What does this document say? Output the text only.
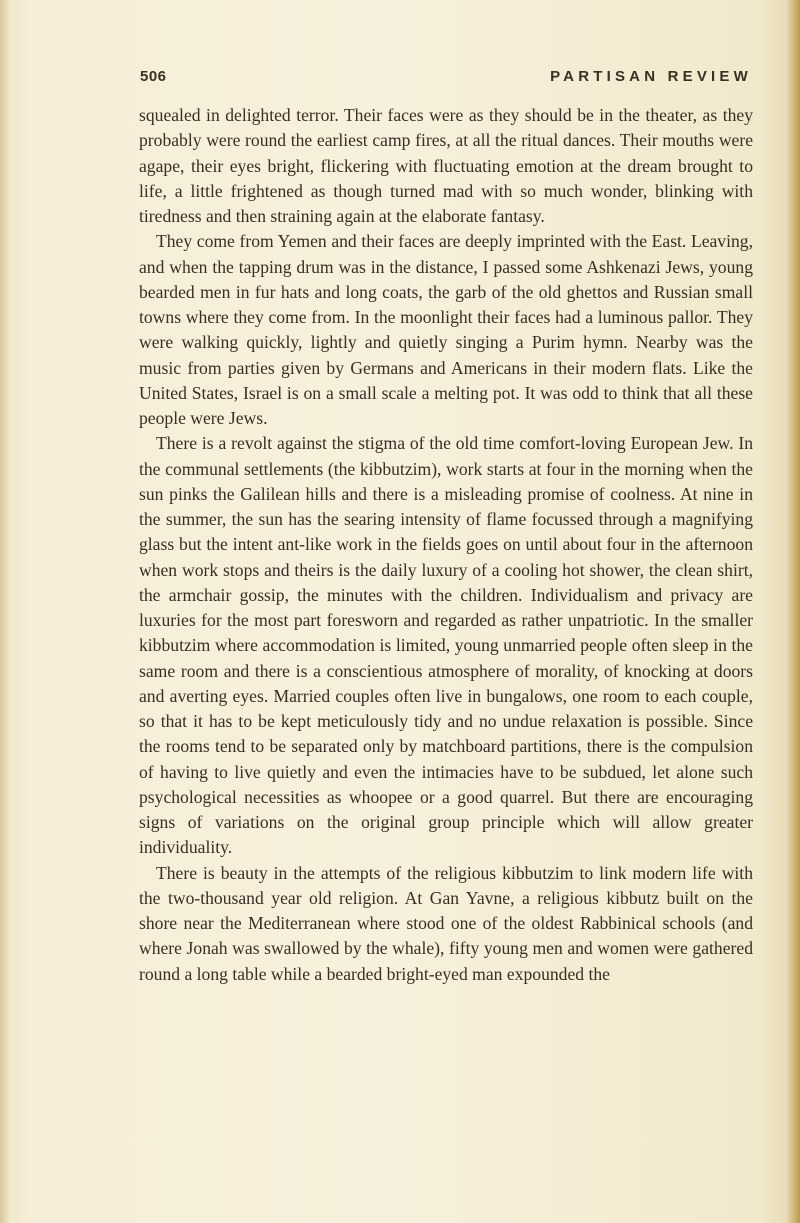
506	PARTISAN REVIEW

squealed in delighted terror. Their faces were as they should be in the theater, as they probably were round the earliest camp fires, at all the ritual dances. Their mouths were agape, their eyes bright, flickering with fluctuating emotion at the dream brought to life, a little frightened as though turned mad with so much wonder, blinking with tiredness and then straining again at the elaborate fantasy.

They come from Yemen and their faces are deeply imprinted with the East. Leaving, and when the tapping drum was in the distance, I passed some Ashkenazi Jews, young bearded men in fur hats and long coats, the garb of the old ghettos and Russian small towns where they come from. In the moonlight their faces had a luminous pallor. They were walking quickly, lightly and quietly singing a Purim hymn. Nearby was the music from parties given by Germans and Americans in their modern flats. Like the United States, Israel is on a small scale a melting pot. It was odd to think that all these people were Jews.

There is a revolt against the stigma of the old time comfort-loving European Jew. In the communal settlements (the kibbutzim), work starts at four in the morning when the sun pinks the Galilean hills and there is a misleading promise of coolness. At nine in the summer, the sun has the searing intensity of flame focussed through a magnifying glass but the intent ant-like work in the fields goes on until about four in the afternoon when work stops and theirs is the daily luxury of a cooling hot shower, the clean shirt, the armchair gossip, the minutes with the children. Individualism and privacy are luxuries for the most part foresworn and regarded as rather unpatriotic. In the smaller kibbutzim where accommodation is limited, young unmarried people often sleep in the same room and there is a conscientious atmosphere of morality, of knocking at doors and averting eyes. Married couples often live in bungalows, one room to each couple, so that it has to be kept meticulously tidy and no undue relaxation is possible. Since the rooms tend to be separated only by matchboard partitions, there is the compulsion of having to live quietly and even the intimacies have to be subdued, let alone such psychological necessities as whoopee or a good quarrel. But there are encouraging signs of variations on the original group principle which will allow greater individuality.

There is beauty in the attempts of the religious kibbutzim to link modern life with the two-thousand year old religion. At Gan Yavne, a religious kibbutz built on the shore near the Mediterranean where stood one of the oldest Rabbinical schools (and where Jonah was swallowed by the whale), fifty young men and women were gathered round a long table while a bearded bright-eyed man expounded the
